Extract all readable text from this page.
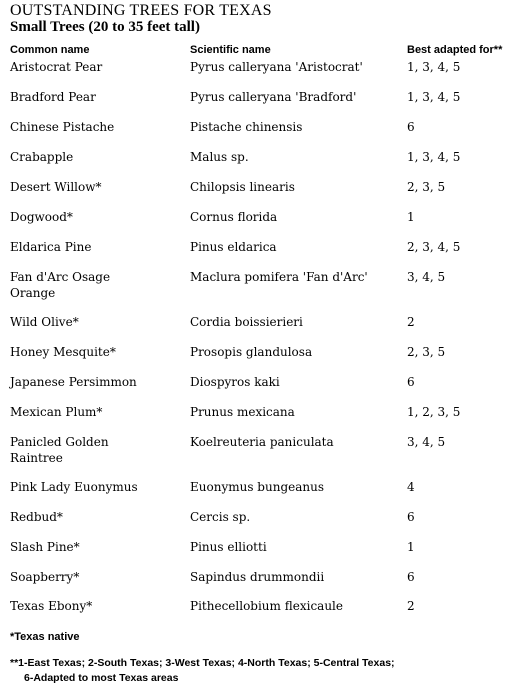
OUTSTANDING TREES FOR TEXAS
Small Trees (20 to 35 feet tall)
Common name	Scientific name	Best adapted for**
Aristocrat Pear	Pyrus calleryana 'Aristocrat'	1, 3, 4, 5
Bradford Pear	Pyrus calleryana 'Bradford'	1, 3, 4, 5
Chinese Pistache	Pistache chinensis	6
Crabapple	Malus sp.	1, 3, 4, 5
Desert Willow*	Chilopsis linearis	2, 3, 5
Dogwood*	Cornus florida	1
Eldarica Pine	Pinus eldarica	2, 3, 4, 5
Fan d'Arc Osage
Orange
Maclura pomifera 'Fan d'Arc'	3, 4, 5
Wild Olive*	Cordia boissierieri	2
Honey Mesquite*	Prosopis glandulosa	2, 3, 5
Japanese Persimmon	Diospyros kaki	6
Mexican Plum*	Prunus mexicana	1, 2, 3, 5
Panicled Golden
Raintree
Koelreuteria paniculata	3, 4, 5
Pink Lady Euonymus	Euonymus bungeanus	4
Redbud*	Cercis sp.	6
Slash Pine*	Pinus elliotti	1
Soapberry*	Sapindus drummondii	6
Texas Ebony*	Pithecellobium flexicaule	2
*Texas native
**1-East Texas; 2-South Texas; 3-West Texas; 4-North Texas; 5-Central Texas;
6-Adapted to most Texas areas
